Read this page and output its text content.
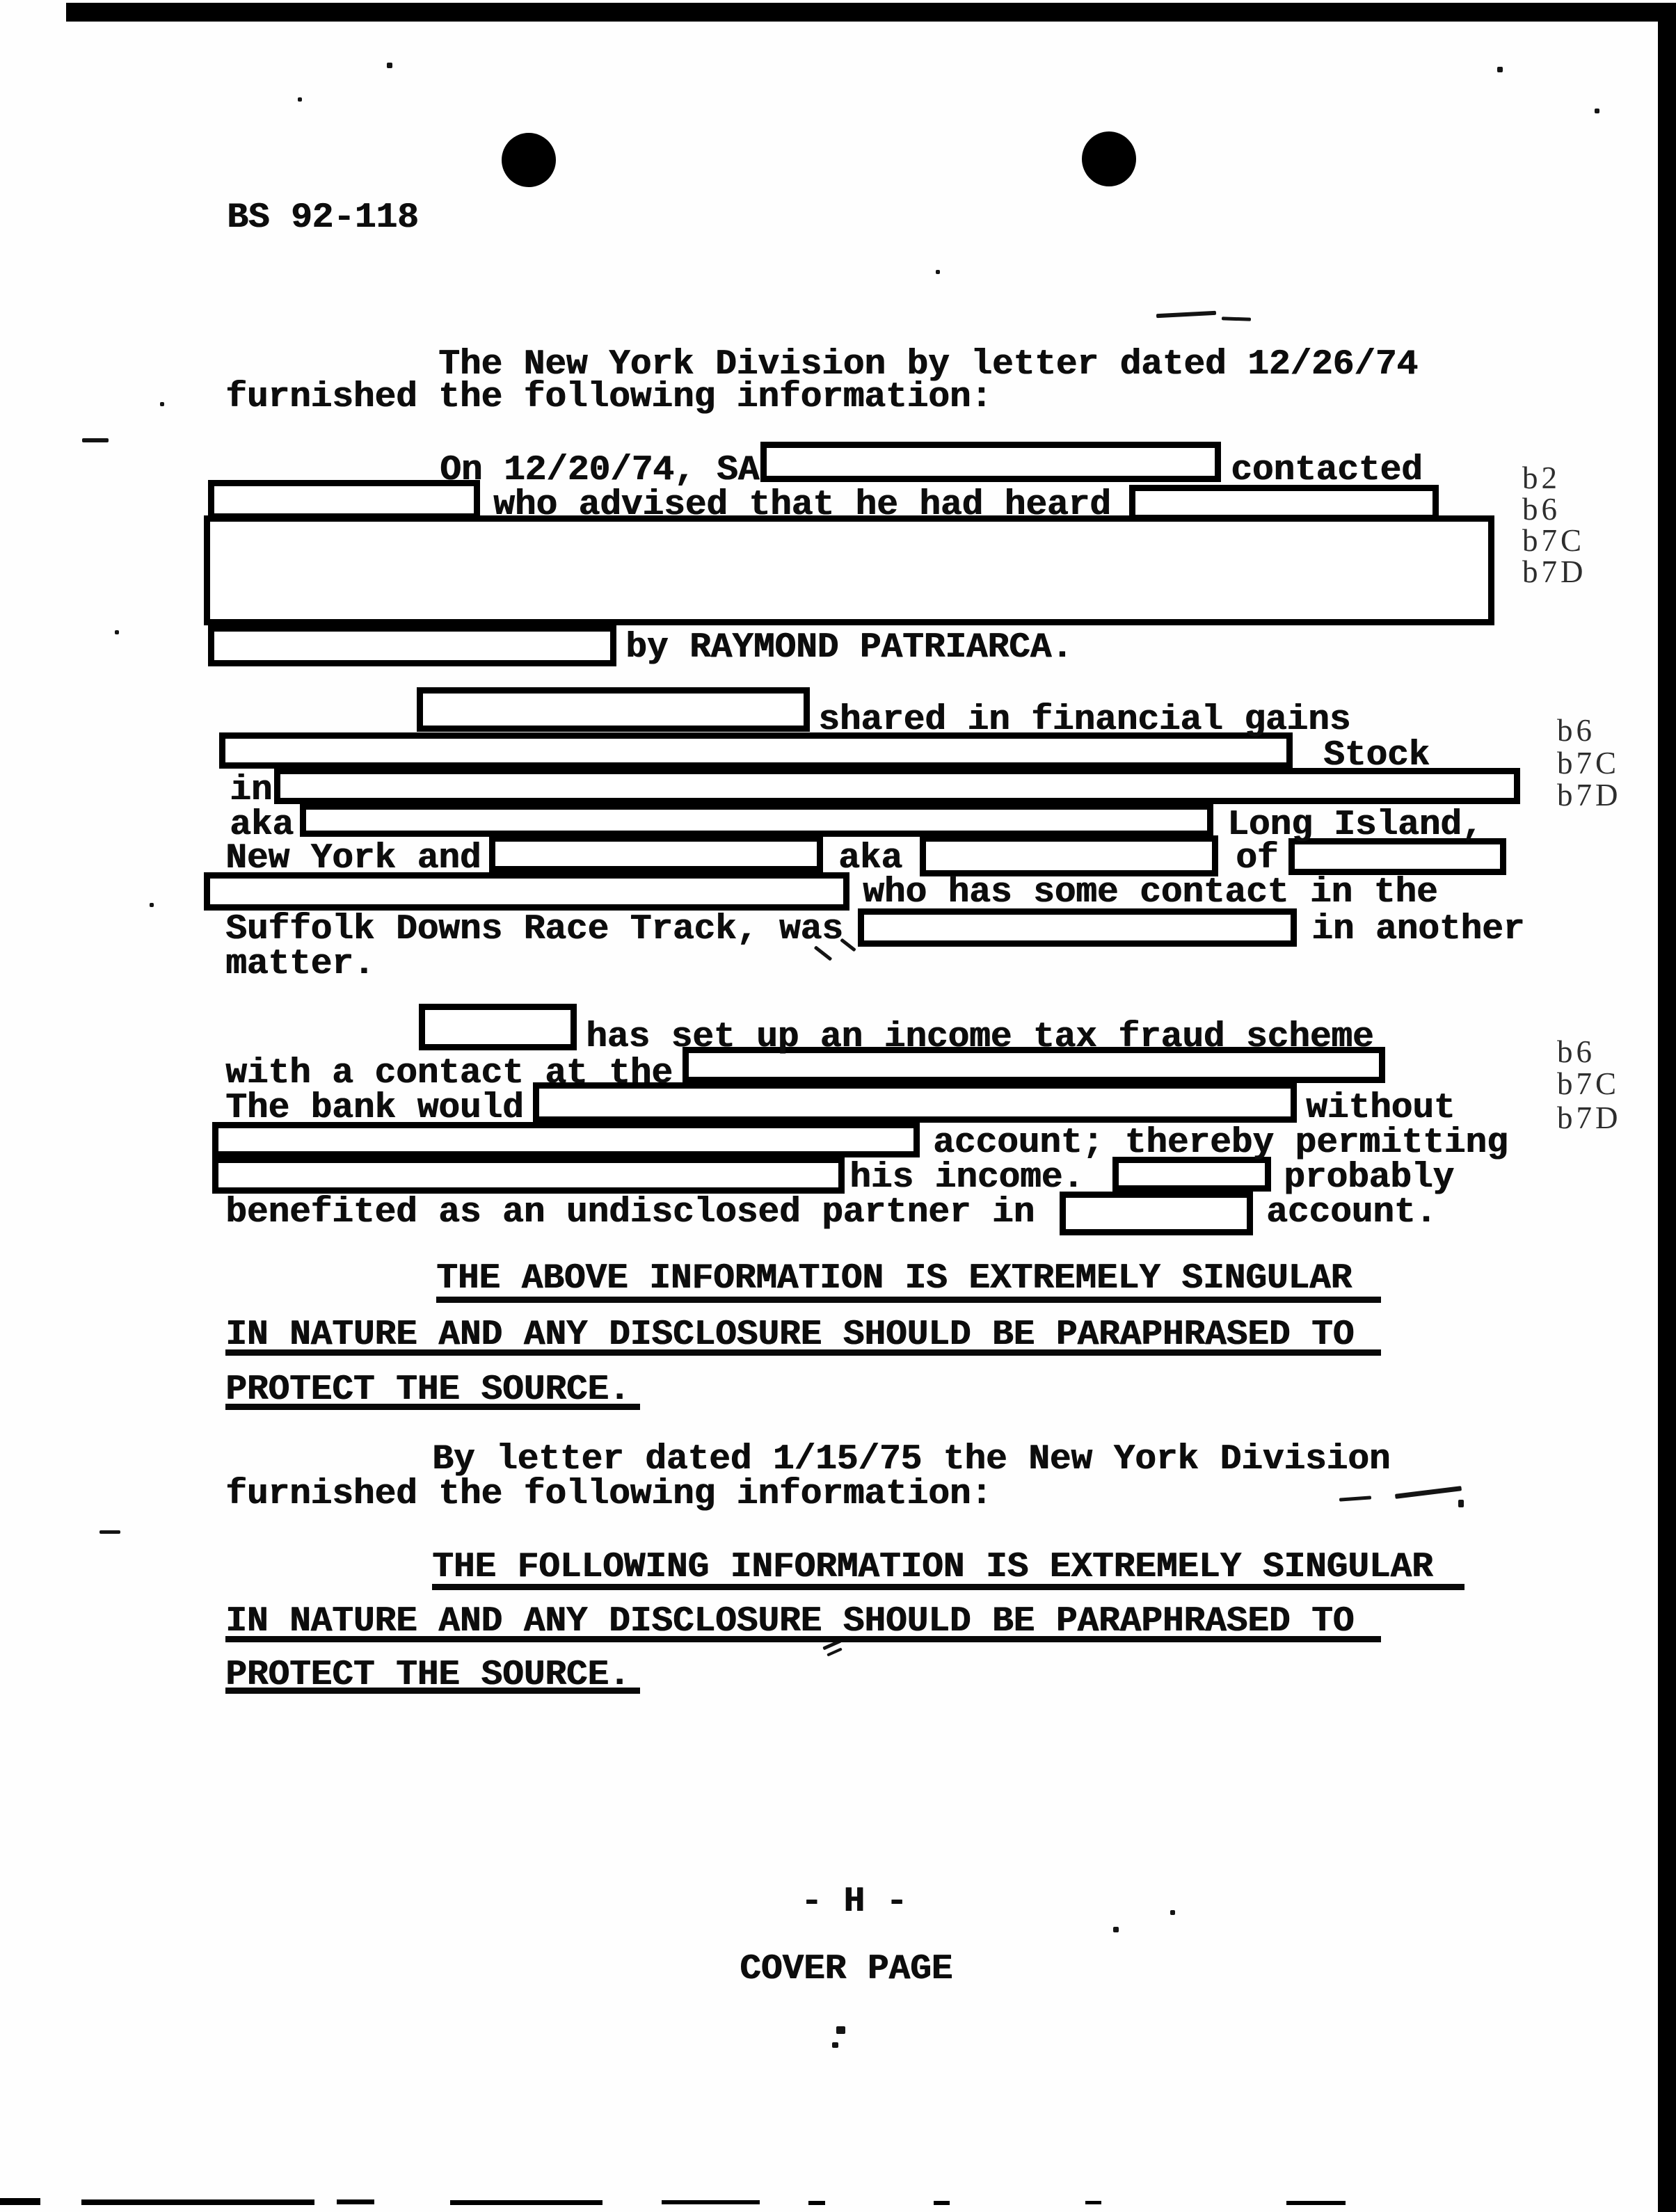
BS 92-118
The New York Division by letter dated 12/26/74
furnished the following information:
On 12/20/74, SA	contacted
who advised that he had heard
by RAYMOND PATRIARCA.
b2
b6
b7C
b7D
shared in financial gains
Stock
in
aka	Long Island,
New York and	aka	of
who has some contact in the
Suffolk Downs Race Track, was	in another
matter.
b6
b7C
b7D
has set up an income tax fraud scheme
with a contact at the
The bank would	without
account; thereby permitting
his income.	probably
benefited as an undisclosed partner in	account.
b6
b7C
b7D
THE ABOVE INFORMATION IS EXTREMELY SINGULAR
IN NATURE AND ANY DISCLOSURE SHOULD BE PARAPHRASED TO
PROTECT THE SOURCE.
By letter dated 1/15/75 the New York Division
furnished the following information:
THE FOLLOWING INFORMATION IS EXTREMELY SINGULAR
IN NATURE AND ANY DISCLOSURE SHOULD BE PARAPHRASED TO
PROTECT THE SOURCE.
- H -
COVER PAGE
